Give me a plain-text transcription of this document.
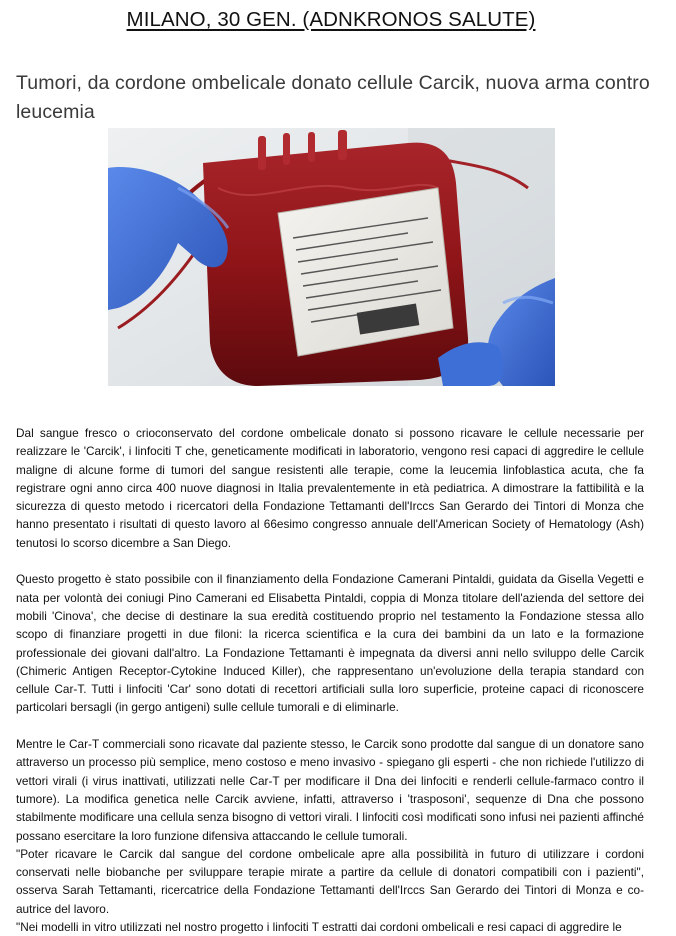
MILANO, 30 GEN. (ADNKRONOS SALUTE)
Tumori, da cordone ombelicale donato cellule Carcik, nuova arma contro leucemia

Dal sangue fresco o crioconservato del cordone ombelicale donato si possono ricavare le cellule necessarie per realizzare le 'Carcik', i linfociti T che, geneticamente modificati in laboratorio, vengono resi capaci di aggredire le cellule maligne di alcune forme di tumori del sangue resistenti alle terapie, come la leucemia linfoblastica acuta, che fa registrare ogni anno circa 400 nuove diagnosi in Italia prevalentemente in età pediatrica. A dimostrare la fattibilità e la sicurezza di questo metodo i ricercatori della Fondazione Tettamanti dell'Irccs San Gerardo dei Tintori di Monza che hanno presentato i risultati di questo lavoro al 66esimo congresso annuale dell'American Society of Hematology (Ash) tenutosi lo scorso dicembre a San Diego.

Questo progetto è stato possibile con il finanziamento della Fondazione Camerani Pintaldi, guidata da Gisella Vegetti e nata per volontà dei coniugi Pino Camerani ed Elisabetta Pintaldi, coppia di Monza titolare dell'azienda del settore dei mobili 'Cinova', che decise di destinare la sua eredità costituendo proprio nel testamento la Fondazione stessa allo scopo di finanziare progetti in due filoni: la ricerca scientifica e la cura dei bambini da un lato e la formazione professionale dei giovani dall'altro. La Fondazione Tettamanti è impegnata da diversi anni nello sviluppo delle Carcik (Chimeric Antigen Receptor-Cytokine Induced Killer), che rappresentano un'evoluzione della terapia standard con cellule Car-T. Tutti i linfociti 'Car' sono dotati di recettori artificiali sulla loro superficie, proteine capaci di riconoscere particolari bersagli (in gergo antigeni) sulle cellule tumorali e di eliminarle.

Mentre le Car-T commerciali sono ricavate dal paziente stesso, le Carcik sono prodotte dal sangue di un donatore sano attraverso un processo più semplice, meno costoso e meno invasivo - spiegano gli esperti - che non richiede l'utilizzo di vettori virali (i virus inattivati, utilizzati nelle Car-T per modificare il Dna dei linfociti e renderli cellule-farmaco contro il tumore). La modifica genetica nelle Carcik avviene, infatti, attraverso i 'trasposoni', sequenze di Dna che possono stabilmente modificare una cellula senza bisogno di vettori virali. I linfociti così modificati sono infusi nei pazienti affinché possano esercitare la loro funzione difensiva attaccando le cellule tumorali.

"Poter ricavare le Carcik dal sangue del cordone ombelicale apre alla possibilità in futuro di utilizzare i cordoni conservati nelle biobanche per sviluppare terapie mirate a partire da cellule di donatori compatibili con i pazienti", osserva Sarah Tettamanti, ricercatrice della Fondazione Tettamanti dell'Irccs San Gerardo dei Tintori di Monza e co-autrice del lavoro.

"Nei modelli in vitro utilizzati nel nostro progetto i linfociti T estratti dai cordoni ombelicali e resi capaci di aggredire le
